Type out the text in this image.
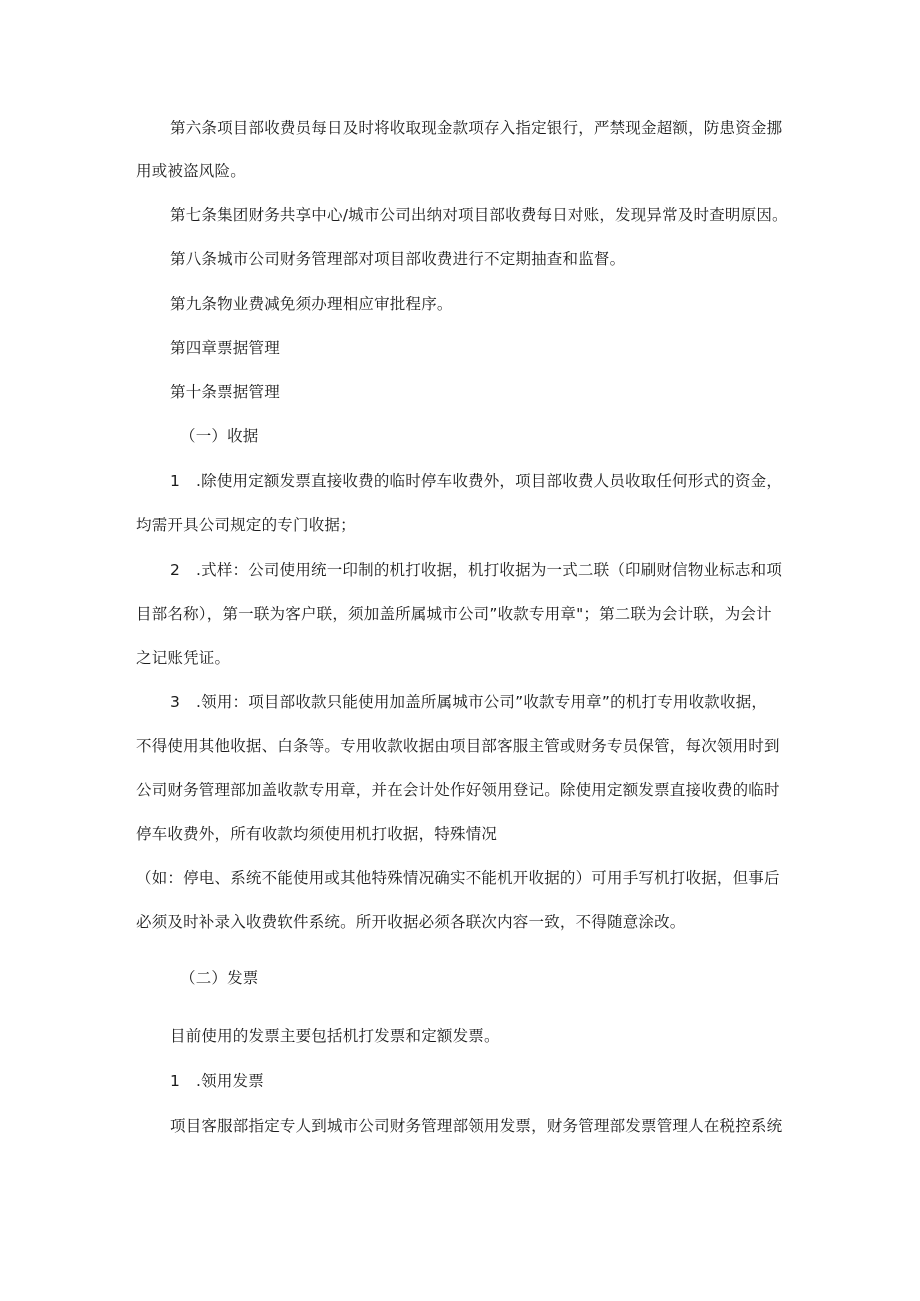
第六条项目部收费员每日及时将收取现金款项存入指定银行，严禁现金超额，防患资金挪

用或被盗风险。

第七条集团财务共享中心/城市公司出纳对项目部收费每日对账，发现异常及时查明原因。

第八条城市公司财务管理部对项目部收费进行不定期抽查和监督。

第九条物业费减免须办理相应审批程序。

第四章票据管理

第十条票据管理

（一）收据

1 .除使用定额发票直接收费的临时停车收费外，项目部收费人员收取任何形式的资金，

均需开具公司规定的专门收据；

2 .式样：公司使用统一印制的机打收据，机打收据为一式二联（印刷财信物业标志和项

目部名称），第一联为客户联，须加盖所属城市公司”收款专用章"；第二联为会计联，为会计

之记账凭证。

3 .领用：项目部收款只能使用加盖所属城市公司”收款专用章”的机打专用收款收据，

不得使用其他收据、白条等。专用收款收据由项目部客服主管或财务专员保管，每次领用时到

公司财务管理部加盖收款专用章，并在会计处作好领用登记。除使用定额发票直接收费的临时

停车收费外，所有收款均须使用机打收据，特殊情况

（如：停电、系统不能使用或其他特殊情况确实不能机开收据的）可用手写机打收据，但事后

必须及时补录入收费软件系统。所开收据必须各联次内容一致，不得随意涂改。

（二）发票

目前使用的发票主要包括机打发票和定额发票。

1 .领用发票

项目客服部指定专人到城市公司财务管理部领用发票，财务管理部发票管理人在税控系统
